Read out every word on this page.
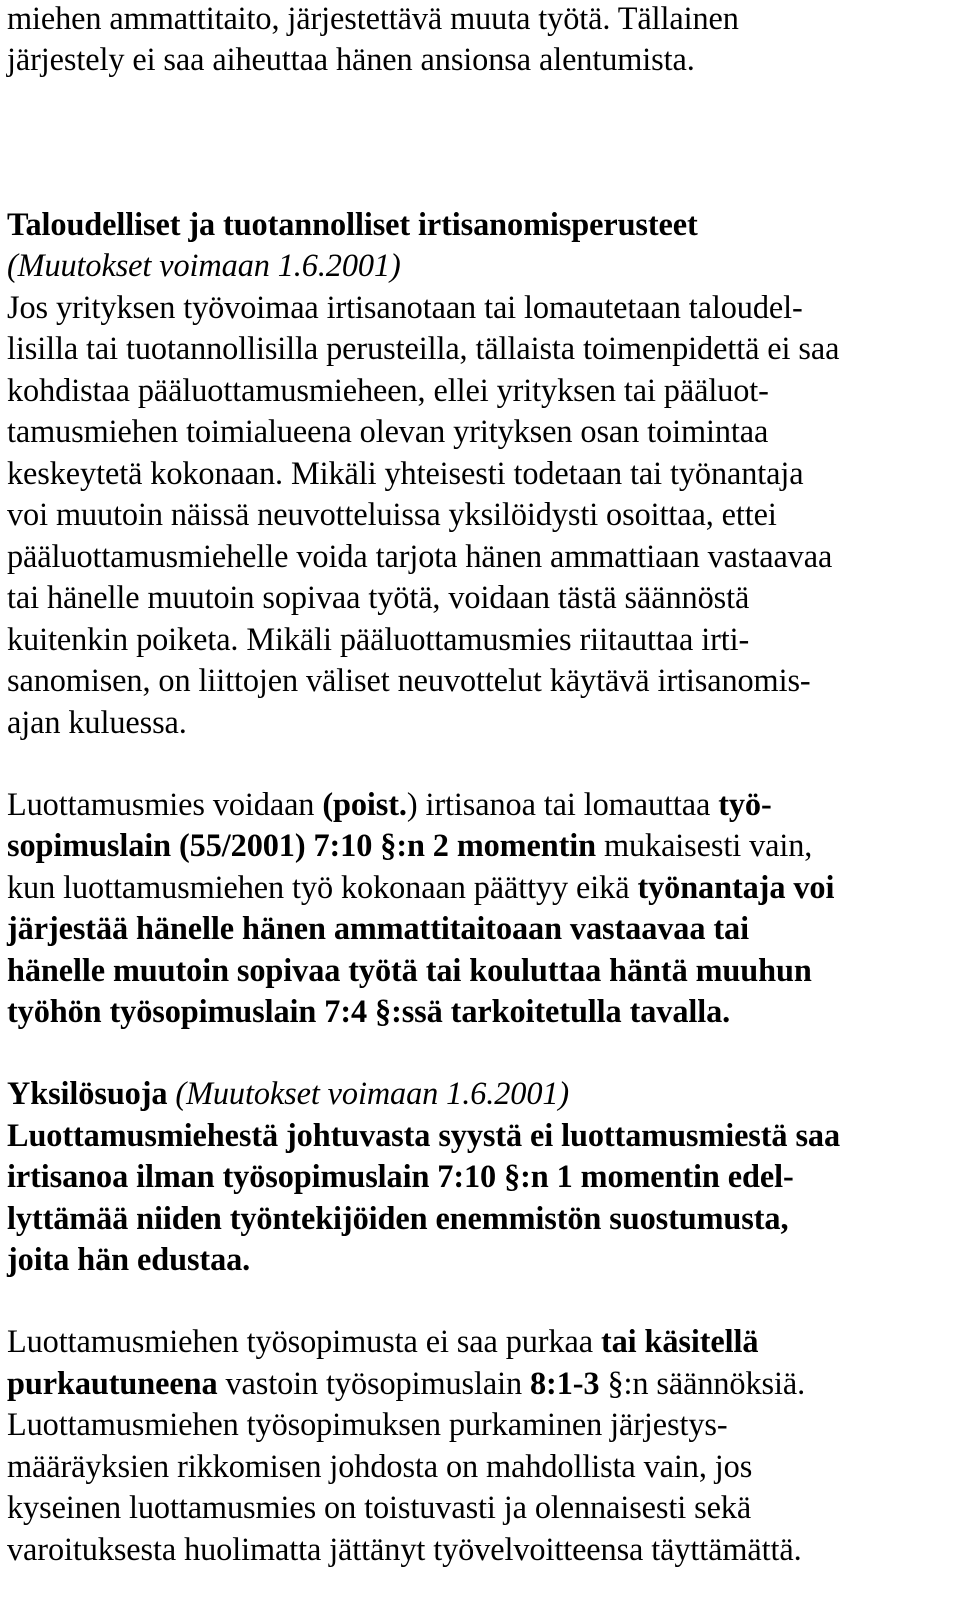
miehen ammattitaito, järjestettävä muuta työtä. Tällainen
järjestely ei saa aiheuttaa hänen ansionsa alentumista.
Taloudelliset ja tuotannolliset irtisanomisperusteet
(Muutokset voimaan 1.6.2001)
Jos yrityksen työvoimaa irtisanotaan tai lomautetaan taloudel-
lisilla tai tuotannollisilla perusteilla, tällaista toimenpidettä ei saa
kohdistaa pääluottamusmieheen, ellei yrityksen tai pääluot-
tamusmiehen toimialueena olevan yrityksen osan toimintaa
keskeytetä kokonaan. Mikäli yhteisesti todetaan tai työnantaja
voi muutoin näissä neuvotteluissa yksilöidysti osoittaa, ettei
pääluottamusmiehelle voida tarjota hänen ammattiaan vastaavaa
tai hänelle muutoin sopivaa työtä, voidaan tästä säännöstä
kuitenkin poiketa. Mikäli pääluottamusmies riitauttaa irti-
sanomisen, on liittojen väliset neuvottelut käytävä irtisanomis-
ajan kuluessa.
Luottamusmies voidaan (poist.) irtisanoa tai lomauttaa työ-
sopimuslain (55/2001) 7:10 §:n 2 momentin mukaisesti vain,
kun luottamusmiehen työ kokonaan päättyy eikä työnantaja voi
järjestää hänelle hänen ammattitaitoaan vastaavaa tai
hänelle muutoin sopivaa työtä tai kouluttaa häntä muuhun
työhön työsopimuslain 7:4 §:ssä tarkoitetulla tavalla.
Yksilösuoja (Muutokset voimaan 1.6.2001)
Luottamusmiehestä johtuvasta syystä ei luottamusmiestä saa
irtisanoa ilman työsopimuslain 7:10 §:n 1 momentin edel-
lyttämää niiden työntekijöiden enemmistön suostumusta,
joita hän edustaa.
Luottamusmiehen työsopimusta ei saa purkaa tai käsitellä
purkautuneena vastoin työsopimuslain 8:1-3 §:n säännöksiä.
Luottamusmiehen työsopimuksen purkaminen järjestys-
määräyksien rikkomisen johdosta on mahdollista vain, jos
kyseinen luottamusmies on toistuvasti ja olennaisesti sekä
varoituksesta huolimatta jättänyt työvelvoitteensa täyttämättä.
